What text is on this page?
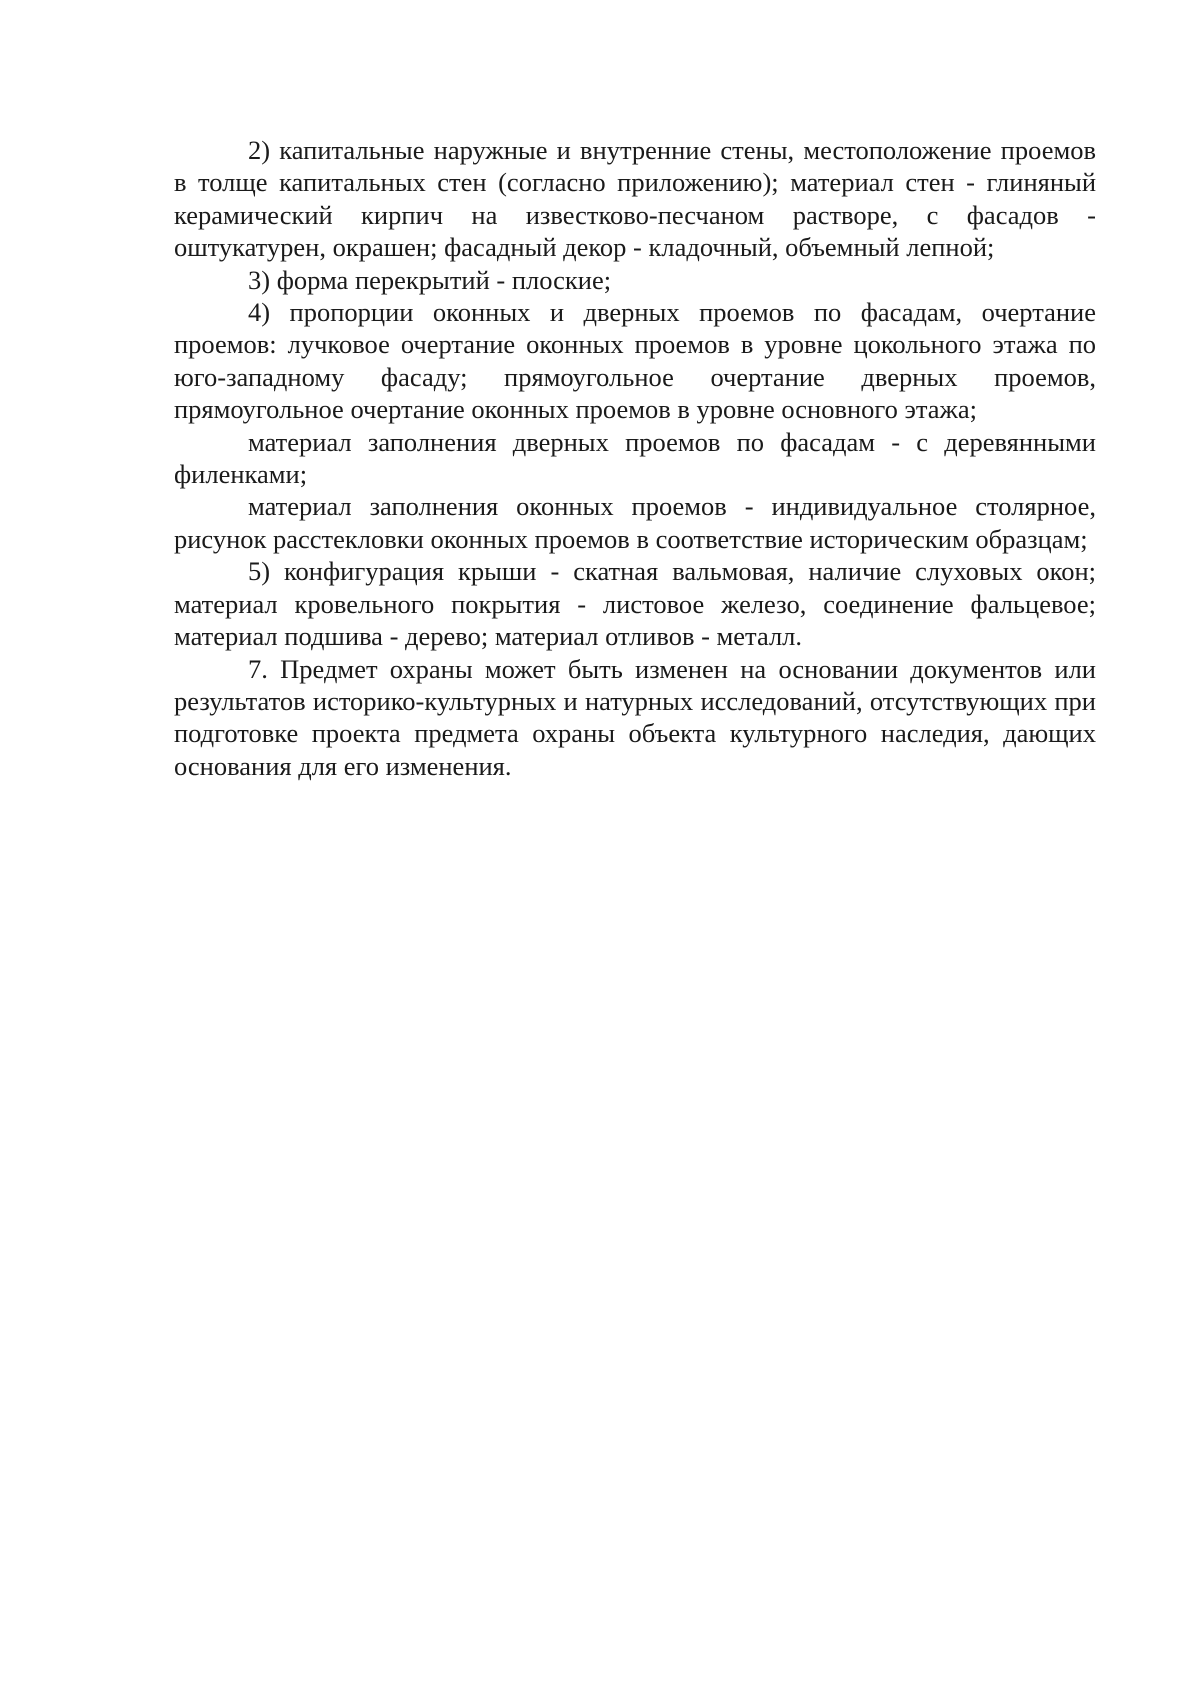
2) капитальные наружные и внутренние стены, местоположение проемов в толще капитальных стен (согласно приложению); материал стен - глиняный керамический кирпич на известково-песчаном растворе, с фасадов - оштукатурен, окрашен; фасадный декор - кладочный, объемный лепной;

3) форма перекрытий - плоские;

4) пропорции оконных и дверных проемов по фасадам, очертание проемов: лучковое очертание оконных проемов в уровне цокольного этажа по юго-западному фасаду; прямоугольное очертание дверных проемов, прямоугольное очертание оконных проемов в уровне основного этажа;

материал заполнения дверных проемов по фасадам - с деревянными филенками;

материал заполнения оконных проемов - индивидуальное столярное, рисунок расстекловки оконных проемов в соответствие историческим образцам;

5) конфигурация крыши - скатная вальмовая, наличие слуховых окон; материал кровельного покрытия - листовое железо, соединение фальцевое; материал подшива - дерево; материал отливов - металл.

7. Предмет охраны может быть изменен на основании документов или результатов историко-культурных и натурных исследований, отсутствующих при подготовке проекта предмета охраны объекта культурного наследия, дающих основания для его изменения.
